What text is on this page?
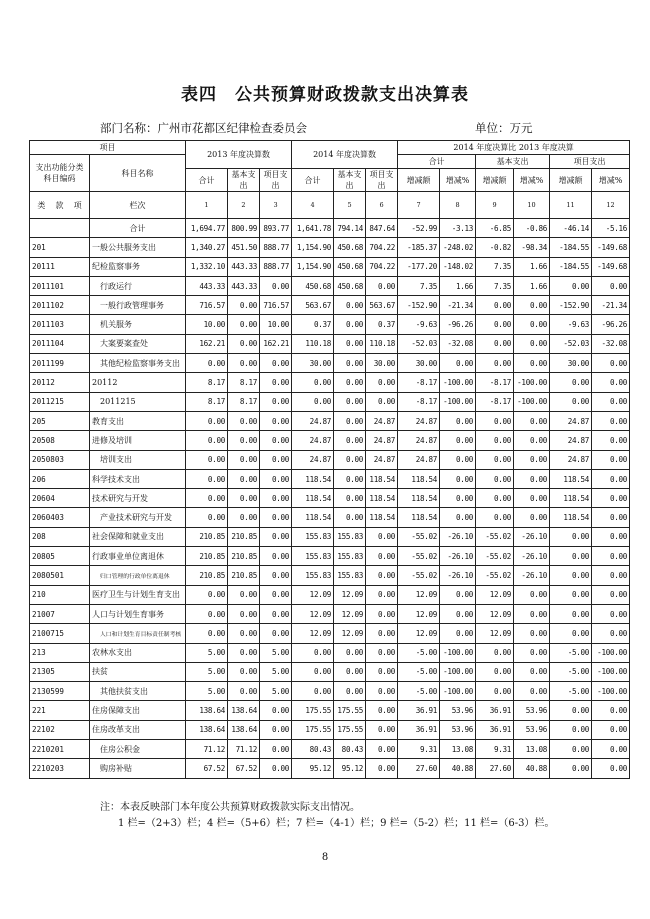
表四　公共预算财政拨款支出决算表
部门名称：广州市花都区纪律检查委员会	单位：万元
项目		2013 年度决算数			2014 年度决算数			2014 年度决算比 2013 年度决算					
支出功能分类科目编码	科目名称							合计		基本支出		项目支出	
		合计	基本支出	项目支出	合计	基本支出	项目支出	增减额	增减%	增减额	增减%	增减额	增减%

类 款 项	栏次	1	2	3	4	5	6	7	8	9	10	11	12
	合计	1,694.77	800.99	893.77	1,641.78	794.14	847.64	-52.99	-3.13	-6.85	-0.86	-46.14	-5.16
201	一般公共服务支出	1,340.27	451.50	888.77	1,154.90	450.68	704.22	-185.37	-248.02	-0.82	-98.34	-184.55	-149.68
20111	纪检监察事务	1,332.10	443.33	888.77	1,154.90	450.68	704.22	-177.20	-148.02	7.35	1.66	-184.55	-149.68
2011101	行政运行	443.33	443.33	0.00	450.68	450.68	0.00	7.35	1.66	7.35	1.66	0.00	0.00
2011102	一般行政管理事务	716.57	0.00	716.57	563.67	0.00	563.67	-152.90	-21.34	0.00	0.00	-152.90	-21.34
2011103	机关服务	10.00	0.00	10.00	0.37	0.00	0.37	-9.63	-96.26	0.00	0.00	-9.63	-96.26
2011104	大案要案查处	162.21	0.00	162.21	110.18	0.00	110.18	-52.03	-32.08	0.00	0.00	-52.03	-32.08
2011199	其他纪检监察事务支出	0.00	0.00	0.00	30.00	0.00	30.00	30.00	0.00	0.00	0.00	30.00	0.00
20112	20112	8.17	8.17	0.00	0.00	0.00	0.00	-8.17	-100.00	-8.17	-100.00	0.00	0.00
2011215	2011215	8.17	8.17	0.00	0.00	0.00	0.00	-8.17	-100.00	-8.17	-100.00	0.00	0.00
205	教育支出	0.00	0.00	0.00	24.87	0.00	24.87	24.87	0.00	0.00	0.00	24.87	0.00
20508	进修及培训	0.00	0.00	0.00	24.87	0.00	24.87	24.87	0.00	0.00	0.00	24.87	0.00
2050803	培训支出	0.00	0.00	0.00	24.87	0.00	24.87	24.87	0.00	0.00	0.00	24.87	0.00
206	科学技术支出	0.00	0.00	0.00	118.54	0.00	118.54	118.54	0.00	0.00	0.00	118.54	0.00
20604	技术研究与开发	0.00	0.00	0.00	118.54	0.00	118.54	118.54	0.00	0.00	0.00	118.54	0.00
2060403	产业技术研究与开发	0.00	0.00	0.00	118.54	0.00	118.54	118.54	0.00	0.00	0.00	118.54	0.00
208	社会保障和就业支出	210.85	210.85	0.00	155.83	155.83	0.00	-55.02	-26.10	-55.02	-26.10	0.00	0.00
20805	行政事业单位离退休	210.85	210.85	0.00	155.83	155.83	0.00	-55.02	-26.10	-55.02	-26.10	0.00	0.00
2080501	归口管理的行政单位离退休	210.85	210.85	0.00	155.83	155.83	0.00	-55.02	-26.10	-55.02	-26.10	0.00	0.00
210	医疗卫生与计划生育支出	0.00	0.00	0.00	12.09	12.09	0.00	12.09	0.00	12.09	0.00	0.00	0.00
21007	人口与计划生育事务	0.00	0.00	0.00	12.09	12.09	0.00	12.09	0.00	12.09	0.00	0.00	0.00
2100715	人口和计划生育目标责任制考核	0.00	0.00	0.00	12.09	12.09	0.00	12.09	0.00	12.09	0.00	0.00	0.00
213	农林水支出	5.00	0.00	5.00	0.00	0.00	0.00	-5.00	-100.00	0.00	0.00	-5.00	-100.00
21305	扶贫	5.00	0.00	5.00	0.00	0.00	0.00	-5.00	-100.00	0.00	0.00	-5.00	-100.00
2130599	其他扶贫支出	5.00	0.00	5.00	0.00	0.00	0.00	-5.00	-100.00	0.00	0.00	-5.00	-100.00
221	住房保障支出	138.64	138.64	0.00	175.55	175.55	0.00	36.91	53.96	36.91	53.96	0.00	0.00
22102	住房改革支出	138.64	138.64	0.00	175.55	175.55	0.00	36.91	53.96	36.91	53.96	0.00	0.00
2210201	住房公积金	71.12	71.12	0.00	80.43	80.43	0.00	9.31	13.08	9.31	13.08	0.00	0.00
2210203	购房补贴	67.52	67.52	0.00	95.12	95.12	0.00	27.60	40.88	27.60	40.88	0.00	0.00
注：本表反映部门本年度公共预算财政拨款实际支出情况。
1 栏=（2+3）栏；4 栏=（5+6）栏；7 栏=（4-1）栏；9 栏=（5-2）栏；11 栏=（6-3）栏。
8
